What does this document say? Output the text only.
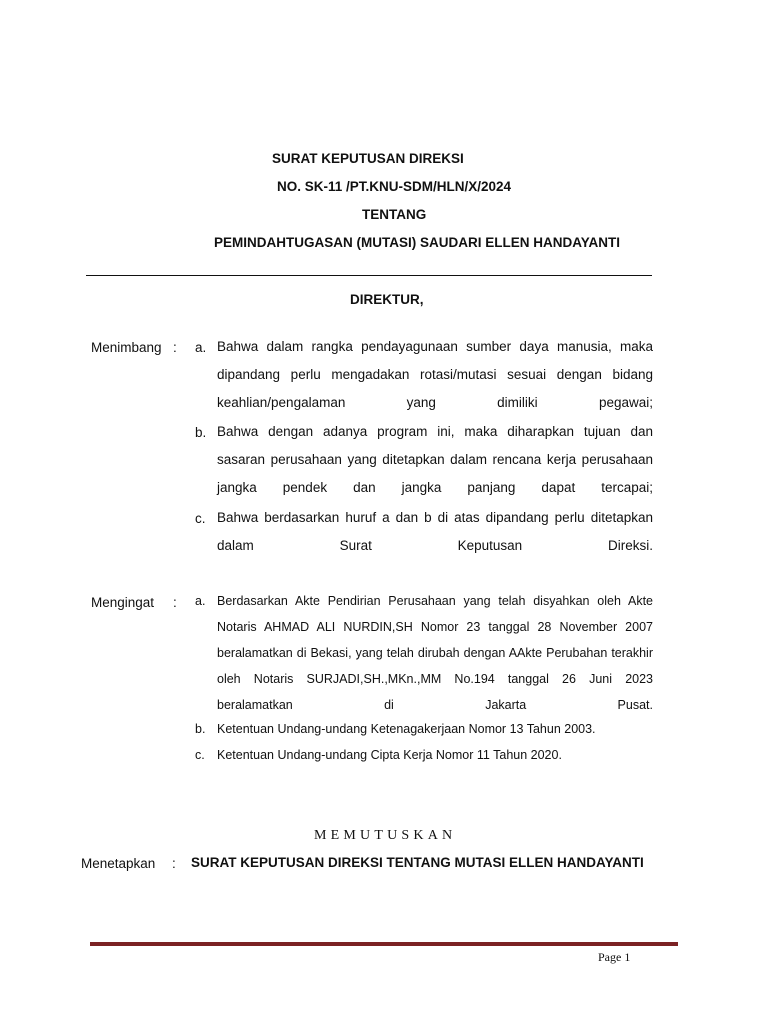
SURAT KEPUTUSAN DIREKSI
NO. SK-11 /PT.KNU-SDM/HLN/X/2024
TENTANG
PEMINDAHTUGASAN (MUTASI) SAUDARI ELLEN HANDAYANTI
DIREKTUR,
Menimbang : a. Bahwa dalam rangka pendayagunaan sumber daya manusia, maka dipandang perlu mengadakan rotasi/mutasi sesuai dengan bidang keahlian/pengalaman yang dimiliki pegawai;
b. Bahwa dengan adanya program ini, maka diharapkan tujuan dan sasaran perusahaan yang ditetapkan dalam rencana kerja perusahaan jangka pendek dan jangka panjang dapat tercapai;
c. Bahwa berdasarkan huruf a dan b di atas dipandang perlu ditetapkan dalam Surat Keputusan Direksi.
Mengingat : a. Berdasarkan Akte Pendirian Perusahaan yang telah disyahkan oleh Akte Notaris AHMAD ALI NURDIN,SH Nomor 23 tanggal 28 November 2007 beralamatkan di Bekasi, yang telah dirubah dengan AAkte Perubahan terakhir oleh Notaris SURJADI,SH.,MKn.,MM No.194 tanggal 26 Juni 2023 beralamatkan di Jakarta Pusat.
b. Ketentuan Undang-undang Ketenagakerjaan Nomor 13 Tahun 2003.
c. Ketentuan Undang-undang Cipta Kerja Nomor 11 Tahun 2020.
MEMUTUSKAN
Menetapkan : SURAT KEPUTUSAN DIREKSI TENTANG MUTASI ELLEN HANDAYANTI
Page 1
